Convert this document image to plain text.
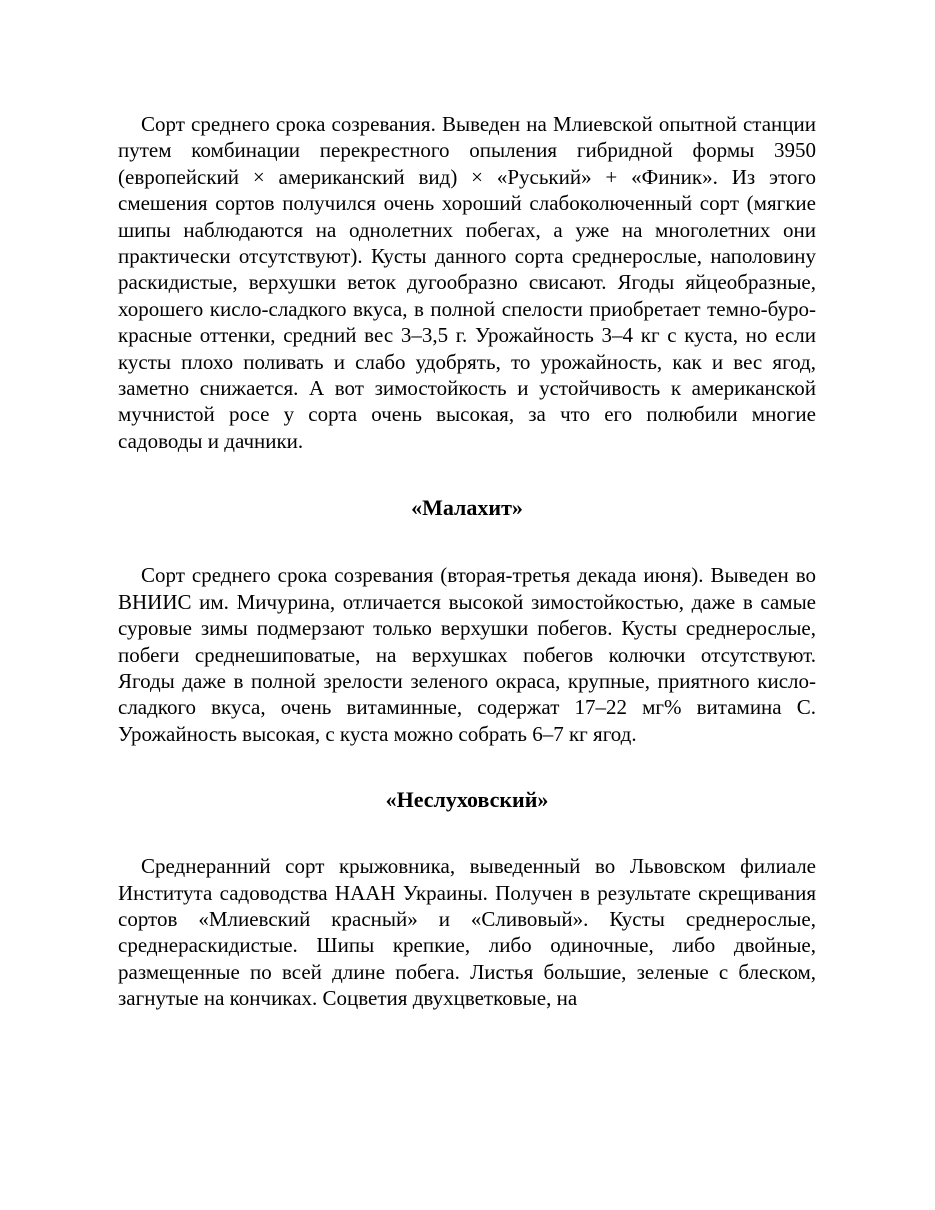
Сорт среднего срока созревания. Выведен на Млиевской опытной станции путем комбинации перекрестного опыления гибридной формы 3950 (европейский × американский вид) × «Руський» + «Финик». Из этого смешения сортов получился очень хороший слабоколюченный сорт (мягкие шипы наблюдаются на однолетних побегах, а уже на многолетних они практически отсутствуют). Кусты данного сорта среднерослые, наполовину раскидистые, верхушки веток дугообразно свисают. Ягоды яйцеобразные, хорошего кисло-сладкого вкуса, в полной спелости приобретает темно-буро-красные оттенки, средний вес 3–3,5 г. Урожайность 3–4 кг с куста, но если кусты плохо поливать и слабо удобрять, то урожайность, как и вес ягод, заметно снижается. А вот зимостойкость и устойчивость к американской мучнистой росе у сорта очень высокая, за что его полюбили многие садоводы и дачники.

«Малахит»

Сорт среднего срока созревания (вторая-третья декада июня). Выведен во ВНИИС им. Мичурина, отличается высокой зимостойкостью, даже в самые суровые зимы подмерзают только верхушки побегов. Кусты среднерослые, побеги среднешиповатые, на верхушках побегов колючки отсутствуют. Ягоды даже в полной зрелости зеленого окраса, крупные, приятного кисло-сладкого вкуса, очень витаминные, содержат 17–22 мг% витамина С. Урожайность высокая, с куста можно собрать 6–7 кг ягод.

«Неслуховский»

Среднеранний сорт крыжовника, выведенный во Львовском филиале Института садоводства НААН Украины. Получен в результате скрещивания сортов «Млиевский красный» и «Сливовый». Кусты среднерослые, среднераскидистые. Шипы крепкие, либо одиночные, либо двойные, размещенные по всей длине побега. Листья большие, зеленые с блеском, загнутые на кончиках. Соцветия двухцветковые, на
